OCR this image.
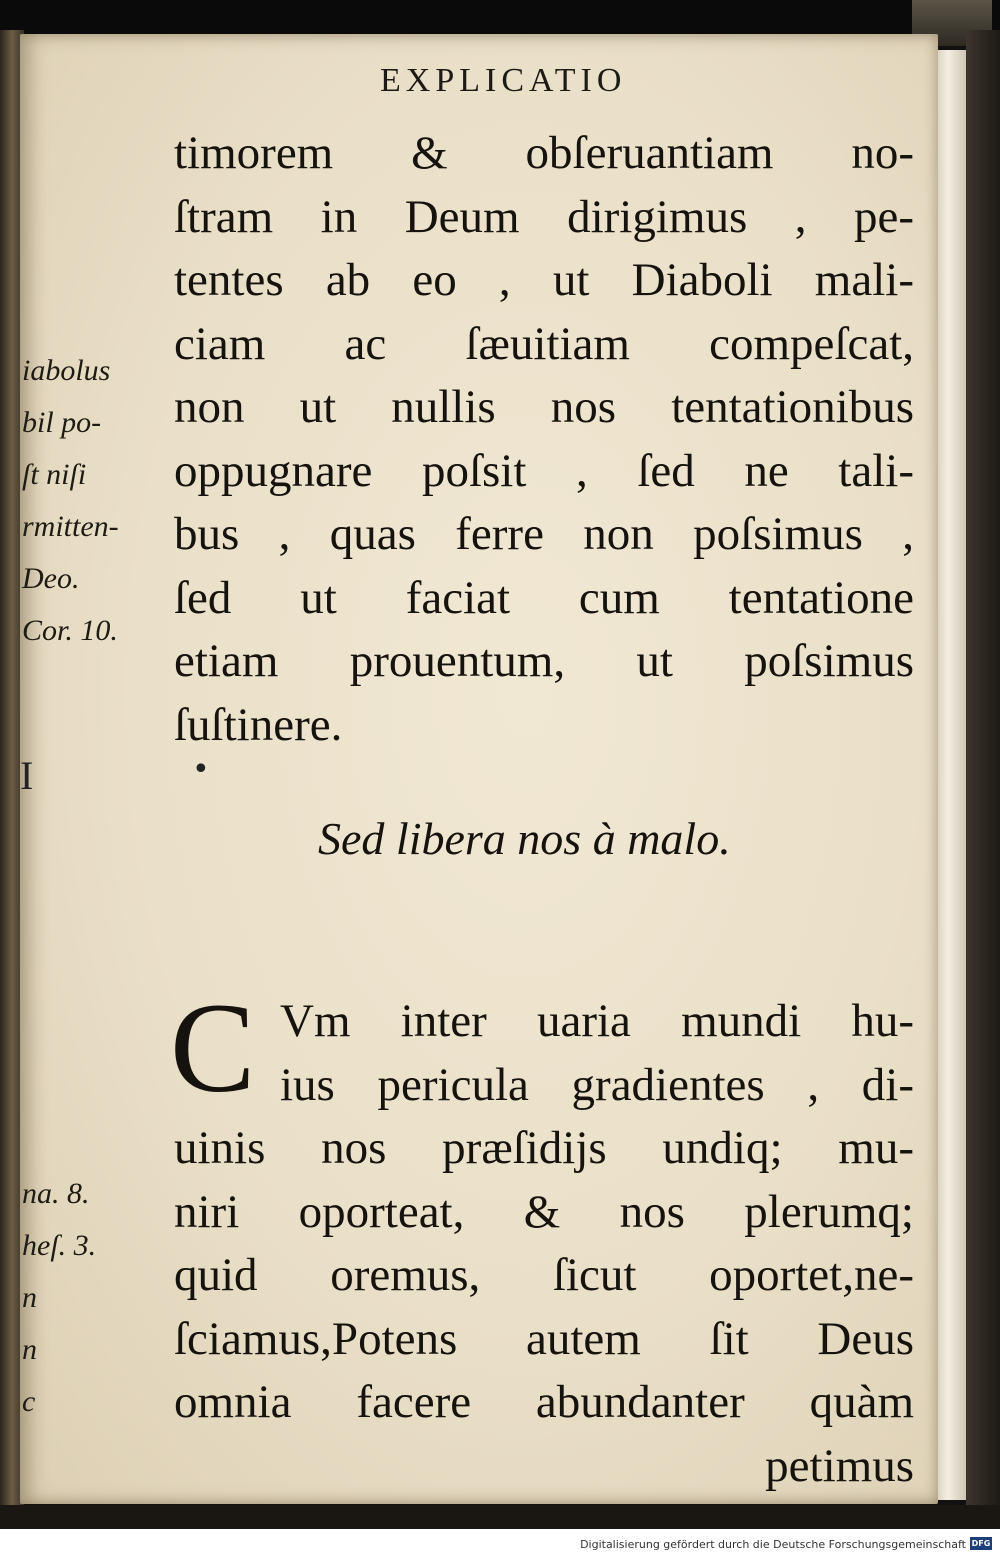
EXPLICATIO
timorem & obſeruantiam no-
ſtram in Deum dirigimus , pe-
tentes ab eo , ut Diaboli mali-
ciam ac ſæuitiam compeſcat,
non ut nullis nos tentationibus
oppugnare poſsit , ſed ne tali-
bus , quas ferre non poſsimus ,
ſed ut faciat cum tentatione
etiam prouentum, ut poſsimus
ſuſtinere.
I	•
Sed libera nos à malo.
C Vm inter uaria mundi hu-
ius pericula gradientes , di-
uinis nos præſidijs undiq; mu-
niri oporteat, & nos plerumq;
quid oremus, ſicut oportet,ne-
ſciamus,Potens autem ſit Deus
omnia facere abundanter quàm
petimus
iabolus
bil po-
ſt niſi
rmitten-
Deo.
Cor. 10.
na. 8.
heſ. 3.
n
n
c
Digitalisierung gefördert durch die Deutsche Forschungsgemeinschaft DFG
